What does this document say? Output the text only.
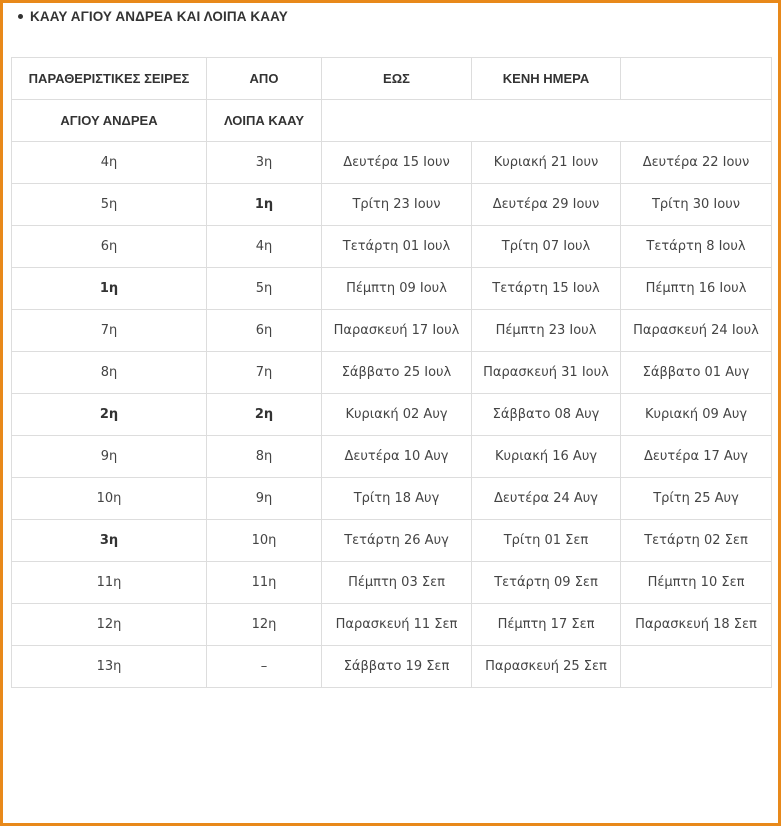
ΚΑΑΥ ΑΓΙΟΥ ΑΝΔΡΕΑ ΚΑΙ ΛΟΙΠΑ ΚΑΑΥ
ΠΑΡΑΘΕΡΙΣΤΙΚΕΣ ΣΕΙΡΕΣ	ΑΠΟ	ΕΩΣ	ΚΕΝΗ ΗΜΕΡΑ	
ΑΓΙΟΥ ΑΝΔΡΕΑ	ΛΟΙΠΑ ΚΑΑΥ			
4η	3η	Δευτέρα 15 Ιουν	Κυριακή 21 Ιουν	Δευτέρα 22 Ιουν
5η	1η	Τρίτη 23 Ιουν	Δευτέρα 29 Ιουν	Τρίτη 30 Ιουν
6η	4η	Τετάρτη 01 Ιουλ	Τρίτη 07 Ιουλ	Τετάρτη 8 Ιουλ
1η	5η	Πέμπτη 09 Ιουλ	Τετάρτη 15 Ιουλ	Πέμπτη 16 Ιουλ
7η	6η	Παρασκευή 17 Ιουλ	Πέμπτη 23 Ιουλ	Παρασκευή 24 Ιουλ
8η	7η	Σάββατο 25 Ιουλ	Παρασκευή 31 Ιουλ	Σάββατο 01 Αυγ
2η	2η	Κυριακή 02 Αυγ	Σάββατο 08 Αυγ	Κυριακή 09 Αυγ
9η	8η	Δευτέρα 10 Αυγ	Κυριακή 16 Αυγ	Δευτέρα 17 Αυγ
10η	9η	Τρίτη 18 Αυγ	Δευτέρα 24 Αυγ	Τρίτη 25 Αυγ
3η	10η	Τετάρτη 26 Αυγ	Τρίτη 01 Σεπ	Τετάρτη 02 Σεπ
11η	11η	Πέμπτη 03 Σεπ	Τετάρτη 09 Σεπ	Πέμπτη 10 Σεπ
12η	12η	Παρασκευή 11 Σεπ	Πέμπτη 17 Σεπ	Παρασκευή 18 Σεπ
13η	–	Σάββατο 19 Σεπ	Παρασκευή 25 Σεπ	
